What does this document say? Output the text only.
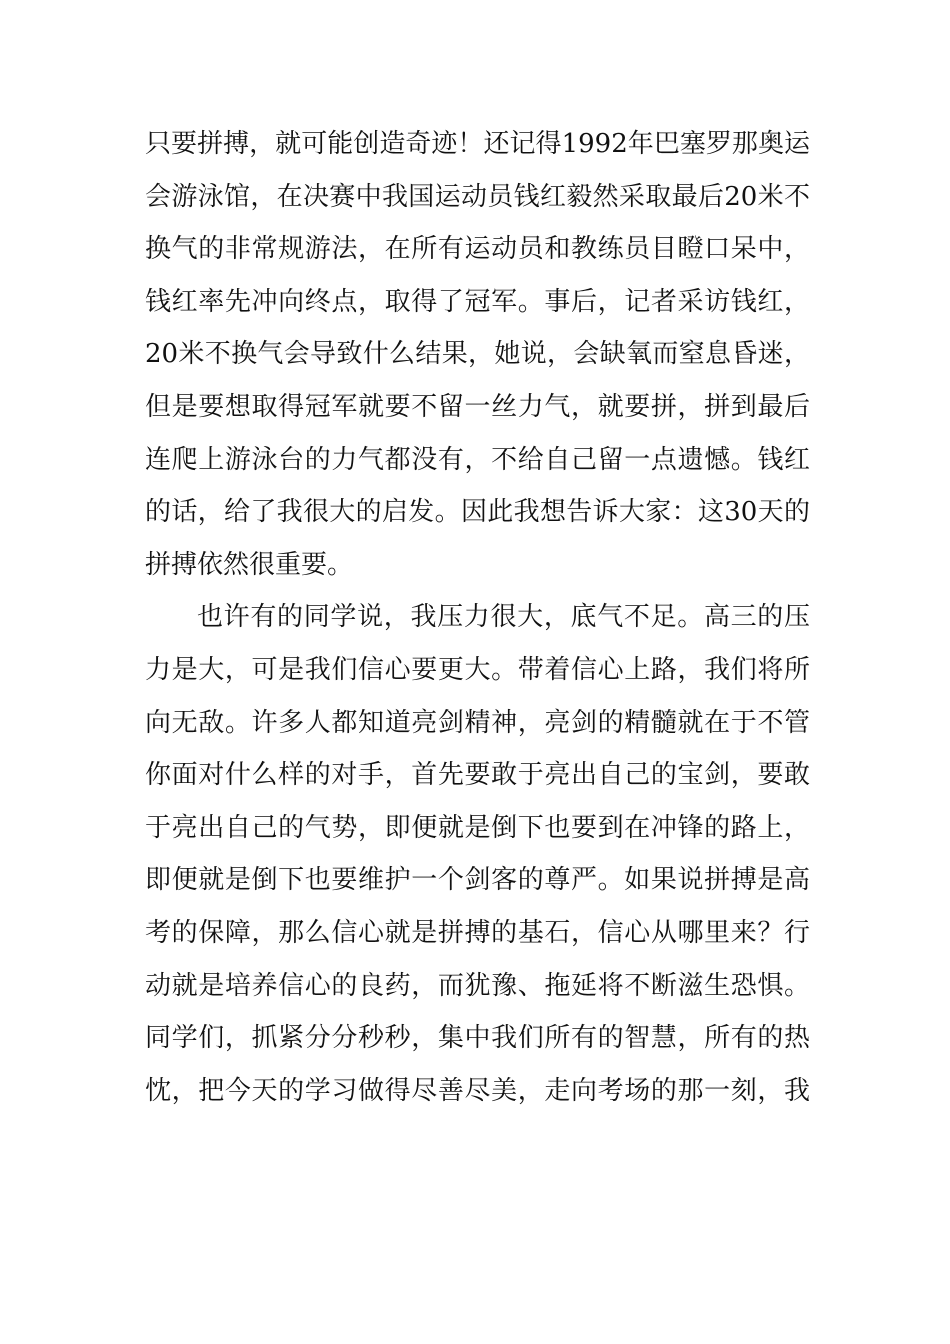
只要拼搏，就可能创造奇迹！还记得1992年巴塞罗那奥运
会游泳馆，在决赛中我国运动员钱红毅然采取最后20米不
换气的非常规游法，在所有运动员和教练员目瞪口呆中，
钱红率先冲向终点，取得了冠军。事后，记者采访钱红，
20米不换气会导致什么结果，她说，会缺氧而窒息昏迷，
但是要想取得冠军就要不留一丝力气，就要拼，拼到最后
连爬上游泳台的力气都没有，不给自己留一点遗憾。钱红
的话，给了我很大的启发。因此我想告诉大家：这30天的
拼搏依然很重要。
也许有的同学说，我压力很大，底气不足。高三的压
力是大，可是我们信心要更大。带着信心上路，我们将所
向无敌。许多人都知道亮剑精神，亮剑的精髓就在于不管
你面对什么样的对手，首先要敢于亮出自己的宝剑，要敢
于亮出自己的气势，即便就是倒下也要到在冲锋的路上，
即便就是倒下也要维护一个剑客的尊严。如果说拼搏是高
考的保障，那么信心就是拼搏的基石，信心从哪里来？行
动就是培养信心的良药，而犹豫、拖延将不断滋生恐惧。
同学们，抓紧分分秒秒，集中我们所有的智慧，所有的热
忱，把今天的学习做得尽善尽美，走向考场的那一刻，我
